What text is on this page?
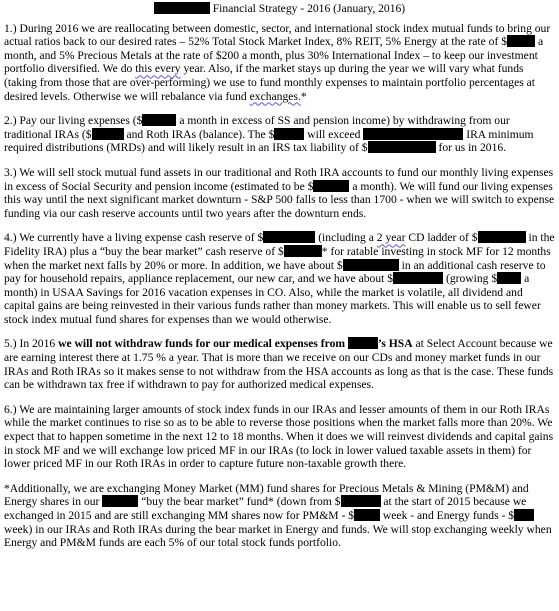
Financial Strategy - 2016 (January, 2016)

1.) During 2016 we are reallocating between domestic, sector, and international stock index mutual funds to bring our actual ratios back to our desired rates – 52% Total Stock Market Index, 8% REIT, 5% Energy at the rate of $ a month, and 5% Precious Metals at the rate of $200 a month, plus 30% International Index – to keep our investment portfolio diversified. We do this every year. Also, if the market stays up during the year we will vary what funds (taking from those that are over-performing) we use to fund monthly expenses to maintain portfolio percentages at desired levels. Otherwise we will rebalance via fund exchanges.*

2.) Pay our living expenses ($	a month in excess of SS and pension income) by withdrawing from our traditional IRAs ($	and Roth IRAs (balance). The $	will exceed	IRA minimum required distributions (MRDs) and will likely result in an IRS tax liability of $	for us in 2016.

3.) We will sell stock mutual fund assets in our traditional and Roth IRA accounts to fund our monthly living expenses in excess of Social Security and pension income (estimated to be $	a month). We will fund our living expenses this way until the next significant market downturn - S&P 500 falls to less than 1700 - when we will switch to expense funding via our cash reserve accounts until two years after the downturn ends.

4.) We currently have a living expense cash reserve of $	(including a 2 year CD ladder of $	in the Fidelity IRA) plus a “buy the bear market” cash reserve of $	* for ratable investing in stock MF for 12 months when the market next falls by 20% or more. In addition, we have about $	in an additional cash reserve to pay for household repairs, appliance replacement, our new car, and we have about $	(growing $ a month) in USAA Savings for 2016 vacation expenses in CO. Also, while the market is volatile, all dividend and capital gains are being reinvested in their various funds rather than money markets. This will enable us to sell fewer stock index mutual fund shares for expenses than we would otherwise.

5.) In 2016 we will not withdraw funds for our medical expenses from	’s HSA at Select Account because we are earning interest there at 1.75 % a year. That is more than we receive on our CDs and money market funds in our IRAs and Roth IRAs so it makes sense to not withdraw from the HSA accounts as long as that is the case. These funds can be withdrawn tax free if withdrawn to pay for authorized medical expenses.

6.) We are maintaining larger amounts of stock index funds in our IRAs and lesser amounts of them in our Roth IRAs while the market continues to rise so as to be able to reverse those positions when the market falls more than 20%. We expect that to happen sometime in the next 12 to 18 months. When it does we will reinvest dividends and capital gains in stock MF and we will exchange low priced MF in our IRAs (to lock in lower valued taxable assets in them) for lower priced MF in our Roth IRAs in order to capture future non-taxable growth there.

*Additionally, we are exchanging Money Market (MM) fund shares for Precious Metals & Mining (PM&M) and Energy shares in our	“buy the bear market” fund* (down from $	at the start of 2015 because we exchanged in 2015 and are still exchanging MM shares now for PM&M - $ week - and Energy funds - $ week) in our IRAs and Roth IRAs during the bear market in Energy and funds. We will stop exchanging weekly when Energy and PM&M funds are each 5% of our total stock funds portfolio.
